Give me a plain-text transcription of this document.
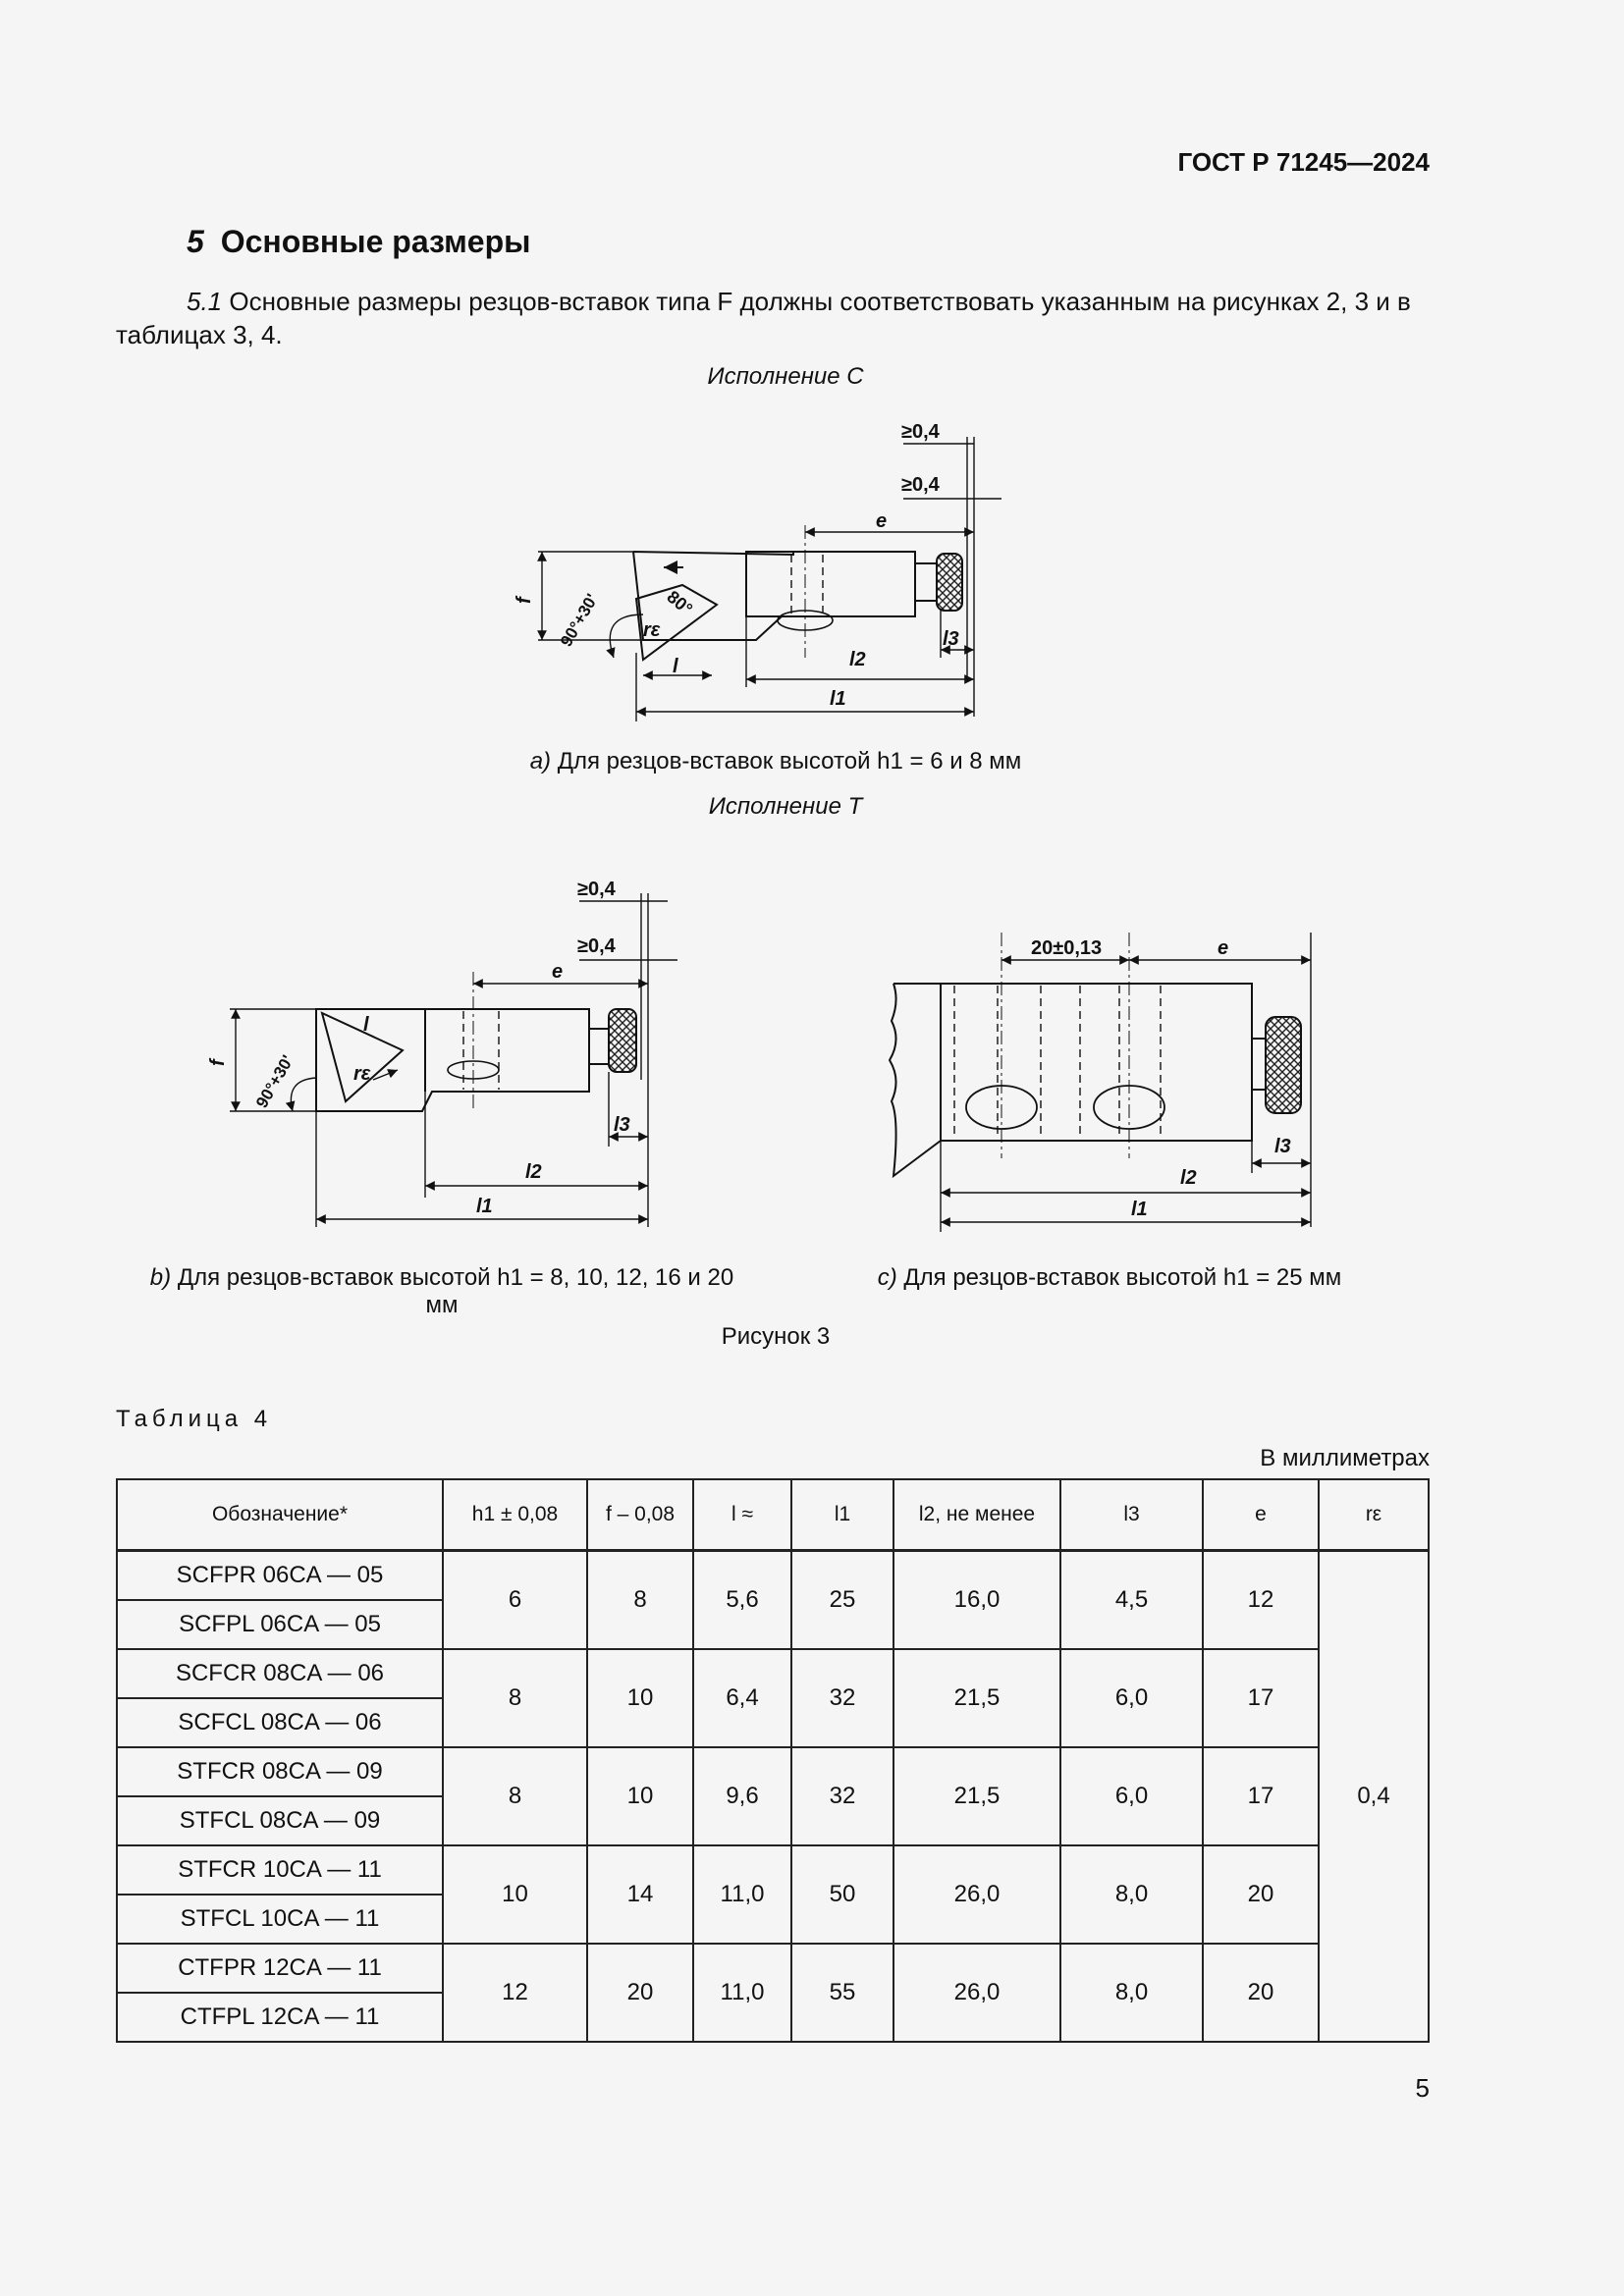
ГОСТ Р 71245—2024
5 Основные размеры
5.1 Основные размеры резцов-вставок типа F должны соответствовать указанным на рисунках 2, 3 и в таблицах 3, 4.
Исполнение C
≥0,4
≥0,4
e
f 90°+30'	80°
rε
l	l2
l3
l1
a) Для резцов-вставок высотой h1 = 6 и 8 мм
Исполнение T
≥0,4
≥0,4
e
f 90°+30'	rε
l
l2
l3
l1
20±0,13	e
l2
l3
l1
b) Для резцов-вставок высотой h1 = 8, 10, 12, 16 и 20 мм
c) Для резцов-вставок высотой h1 = 25 мм
Рисунок 3
Таблица 4
В миллиметрах
Обозначение*	h1 ± 0,08	f – 0,08	l ≈	l1	l2, не менее	l3	e	rε
SCFPR 06CA — 05	6	8	5,6	25	16,0	4,5	12	0,4
SCFPL 06CA — 05								
SCFCR 08CA — 06	8	10	6,4	32	21,5	6,0	17	
SCFCL 08CA — 06								
STFCR 08CA — 09	8	10	9,6	32	21,5	6,0	17	
STFCL 08CA — 09								
STFCR 10CA — 11	10	14	11,0	50	26,0	8,0	20	
STFCL 10CA — 11								
CTFPR 12CA — 11	12	20	11,0	55	26,0	8,0	20	
CTFPL 12CA — 11								
5
